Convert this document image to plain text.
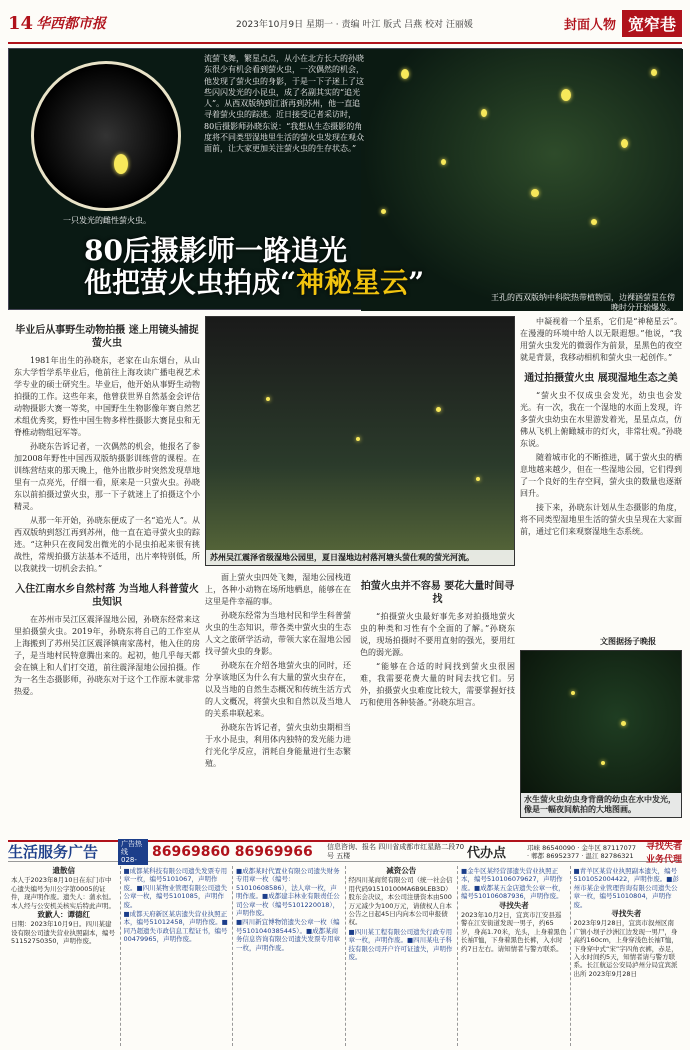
14 华西都市报	2023年10月9日 星期一 · 责编 叶江 版式 吕燕 校对 汪丽媛	封面人物 宽窄巷
一只发光的雌性萤火虫。
流萤飞舞，繁星点点，从小在北方长大的孙晓东很少有机会看到萤火虫，一次偶然的机会，他发现了萤火虫的身影，于是一下子迷上了这些闪闪发光的小昆虫，成了名副其实的“追光人”。从西双版纳到江浙再到苏州，他一直追寻着萤火虫的踪迹。近日接受记者采访时，80后摄影师孙晓东说：“我想从生态摄影的角度将不同类型湿地里生活的萤火虫发现在观众面前，让大家更加关注萤火虫的生存状态。”
80后摄影师一路追光
他把萤火虫拍成“神秘星云”	王孔的西双版纳中科院热带植物园，边裸涵萤星在傍晚时分开始爆发。
毕业后从事野生动物拍摄 迷上用镜头捕捉萤火虫

1981年出生的孙晓东，老家在山东烟台，从山东大学哲学系毕业后，他前往上海攻读广播电视艺术学专业的硕士研究生。毕业后，他开始从事野生动物拍摄的工作。这些年来，他曾获世界自然基金会评估动物摄影大赛一等奖，中国野生生物影像年赛自然艺术组优秀奖，野性中国生物多样性摄影大赛昆虫和无脊椎动物组冠军等。

孙晓东告诉记者，一次偶然的机会，他报名了参加2008年野性中国西双版纳摄影训练营的课程。在训练营结束的那天晚上，他外出散步时突然发现草地里有一点亮光，仔细一看，原来是一只萤火虫。孙晓东以前拍摄过萤火虫，那一下子就迷上了拍摄这个小精灵。

从那一年开始，孙晓东便成了一名“追光人”。从西双版纳到怒江再到苏州，他一直在追寻萤火虫的踪迹。“这种只在夜间发出微光的小昆虫拍起来很有挑战性，常规拍摄方法基本不适用，出片率特别低，所以我就找一切机会去拍。”

入住江南水乡自然村落 为当地人科普萤火虫知识

在苏州市吴江区震泽湿地公园，孙晓东经常来这里拍摄萤火虫。2019年，孙晓东将自己的工作室从上海搬到了苏州吴江区震泽镇南家荡村，他入住的房子，是当地村民特意腾出来的。起初，他几乎每天都会在镇上和人们打交道，前往震泽湿地公园拍摄。作为一名生态摄影师，孙晓东对于这个工作原本就非常热爱。

苏州吴江震泽省级湿地公园里，夏日湿地边村落河塘头萤仕观的萤光河流。

面上萤火虫四处飞舞，湿地公园栈道上，各种小动物在场所地栖息，能够在在这里是件幸福的事。

孙晓东经常为当地村民和学生科普萤火虫的生态知识，带各类中萤火虫的生态人文之旅研学活动，带领大家在湿地公园找寻萤火虫的身影。

孙晓东在介绍各地萤火虫的同时，还分享该地区为什么有大量的萤火虫存在，以及当地的自然生态概况和传统生活方式的人文概况，将萤火虫和自然以及当地人的关系串联起来。

孙晓东告诉记者，萤火虫幼虫期相当于水小昆虫，利用体内独特的发光能力进行光化学反应，消耗自身能量进行生态繁殖。

拍萤火虫并不容易 要花大量时间寻找

“拍摄萤火虫最好事先多对拍摄地萤火虫的种类和习性有个全面的了解。”孙晓东说，现场拍摄时不要用直射的强光，要用红色的弱光源。

“能够在合适的时间找到萤火虫很困难，我需要花费大量的时间去找它们。另外，拍摄萤火虫难度比较大，需要掌握好技巧和使用各种装备。”孙晓东坦言。

中凝视着一个星系，它们是“神秘星云”。在漫漫的环境中给人以无限遐想。”他说，“我用萤火虫发光的微弱作为前景，星黑色的夜空就是背景，我移动相机和萤火虫一起创作。”

通过拍摄萤火虫 展现湿地生态之美

“萤火虫不仅成虫会发光，幼虫也会发光。有一次，我在一个湿地的水面上发现，许多萤火虫幼虫在水里游发着光，星星点点，仿佛从飞机上俯瞰城市的灯火，非常壮观。”孙晓东说。

随着城市化的不断推进，属于萤火虫的栖息地越来越少，但在一些湿地公园，它们得到了一个良好的生存空间，萤火虫的数量也逐渐回升。

接下来，孙晓东计划从生态摄影的角度，将不同类型湿地里生活的萤火虫呈现在大家面前，通过它们来观察湿地生态系统。

文图据扬子晚报
水生萤火虫幼虫身背凿的幼虫在水中发光，像是一幅夜间航拍的大地图画。
生活服务广告	广告热线 028-	86969860 86969966	信息咨询、报名 四川省成都市红星路二段70号 五楼	代办点	邛崃 86540090 · 金牛区 87117077 · 郫都 86952377 · 温江 82786321
寻找失者 业务代理
遗散信
本人于2023年8月10日在东门市中心遗失编号为川公字第0005的证件，现声明作废。遗失人：蒲永恒。本人经与公安机关核实后特此声明。
致歉人：谭德红
日期：2023年10月9日。四川某建设有限公司遗失营业执照副本，编号51152750350，声明作废。
■成都某科技有限公司遗失发票专用章一枚，编号5101067，声明作废。■四川某物业管理有限公司遗失公章一枚，编号5101085，声明作废。
■成都天府新区某店遗失营业执照正本，编号51012458，声明作废。■同乃超遗失市政信息工程证书，编号00479965，声明作废。
■成都某时代置业有限公司遗失财务专用章一枚（编号：51010608586），法人章一枚，声明作废。■成都建丰林业有限责任公司公章一枚（编号5101220018），声明作废。
■四川新宜博物馆遗失公章一枚（编号5101040385445）。■成都某商务信息咨询有限公司遗失发票专用章一枚，声明作废。
减资公告
经四川某商贸有限公司（统一社会信用代码91510100MA6B9LEB3D）股东会决议，本公司注册资本由500万元减少为100万元，请债权人自本公告之日起45日内向本公司申报债权。
■四川某工程有限公司遗失行政专用章一枚，声明作废。■四川某电子科技有限公司开户许可证遗失，声明作废。
■金牛区某经营部遗失营业执照正本，编号510106079627，声明作废。■成都某五金店遗失公章一枚，编号510106087936，声明作废。
寻找失者
2023年10月2日，宜宾市江安县巡警在江安街道发现一男子，约65岁，身高1.70米，光头，上身着黑色长袖T恤，下身着黑色长裤，入水时约7日左右。请知情者与警方联系。
■青羊区某营业执照副本遗失，编号5101052004422，声明作废。■彭州市某企业管理咨询有限公司遗失公章一枚，编号51010804，声明作废。
寻找失者
2023年9月28日，宜宾市叙州区南广镇小坝子沙洲江边发现一男尸，身高约160cm，上身穿浅色长袖T恤，下身穿中式“宋”字四角衣裤，赤足，入水时间约5天，知情者请与警方联系。长江航运公安局泸州分局宜宾派出所 2023年9月28日
